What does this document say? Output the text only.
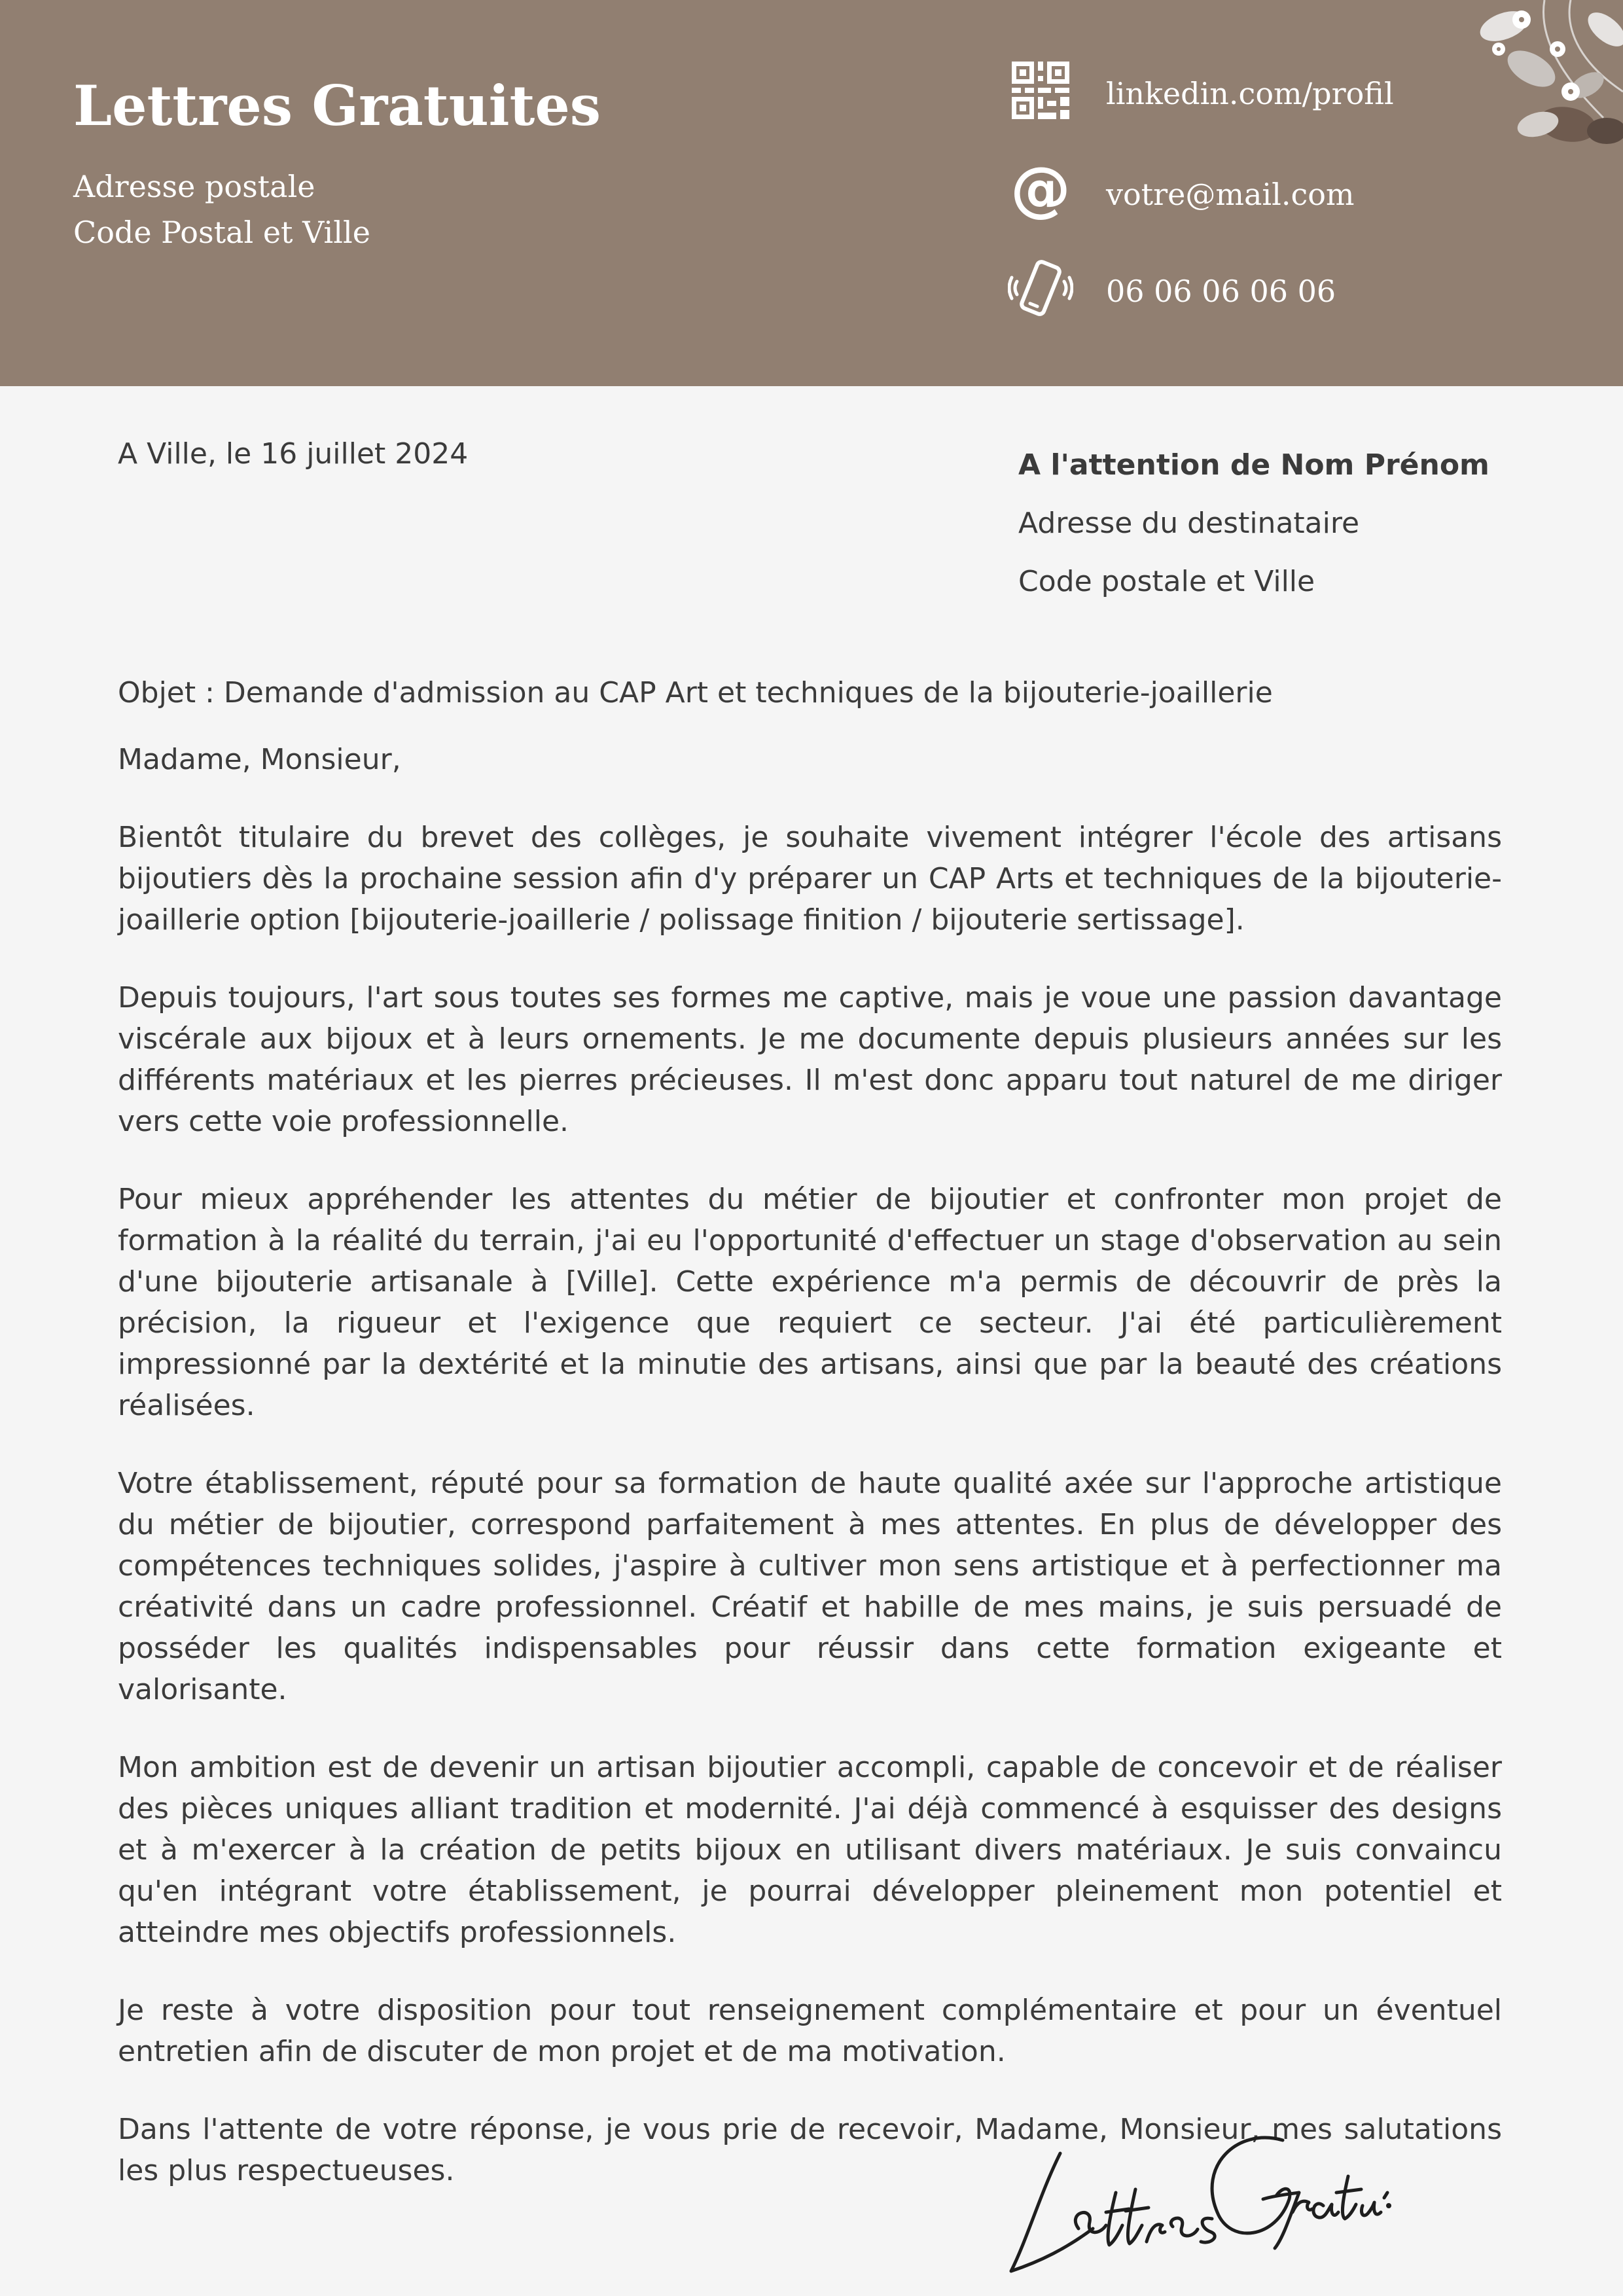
Lettres Gratuites
Adresse postale
Code Postal et Ville
linkedin.com/profil
@ votre@mail.com
06 06 06 06 06
A Ville, le 16 juillet 2024	A l'attention de Nom Prénom
Adresse du destinataire
Code postale et Ville

Objet : Demande d'admission au CAP Art et techniques de la bijouterie-joaillerie

Madame, Monsieur,

Bientôt titulaire du brevet des collèges, je souhaite vivement intégrer l'école des artisans bijoutiers dès la prochaine session afin d'y préparer un CAP Arts et techniques de la bijouterie-joaillerie option [bijouterie-joaillerie / polissage finition / bijouterie sertissage].

Depuis toujours, l'art sous toutes ses formes me captive, mais je voue une passion davantage viscérale aux bijoux et à leurs ornements. Je me documente depuis plusieurs années sur les différents matériaux et les pierres précieuses. Il m'est donc apparu tout naturel de me diriger vers cette voie professionnelle.

Pour mieux appréhender les attentes du métier de bijoutier et confronter mon projet de formation à la réalité du terrain, j'ai eu l'opportunité d'effectuer un stage d'observation au sein d'une bijouterie artisanale à [Ville]. Cette expérience m'a permis de découvrir de près la précision, la rigueur et l'exigence que requiert ce secteur. J'ai été particulièrement impressionné par la dextérité et la minutie des artisans, ainsi que par la beauté des créations réalisées.

Votre établissement, réputé pour sa formation de haute qualité axée sur l'approche artistique du métier de bijoutier, correspond parfaitement à mes attentes. En plus de développer des compétences techniques solides, j'aspire à cultiver mon sens artistique et à perfectionner ma créativité dans un cadre professionnel. Créatif et habille de mes mains, je suis persuadé de posséder les qualités indispensables pour réussir dans cette formation exigeante et valorisante.

Mon ambition est de devenir un artisan bijoutier accompli, capable de concevoir et de réaliser des pièces uniques alliant tradition et modernité. J'ai déjà commencé à esquisser des designs et à m'exercer à la création de petits bijoux en utilisant divers matériaux. Je suis convaincu qu'en intégrant votre établissement, je pourrai développer pleinement mon potentiel et atteindre mes objectifs professionnels.

Je reste à votre disposition pour tout renseignement complémentaire et pour un éventuel entretien afin de discuter de mon projet et de ma motivation.

Dans l'attente de votre réponse, je vous prie de recevoir, Madame, Monsieur, mes salutations les plus respectueuses.
